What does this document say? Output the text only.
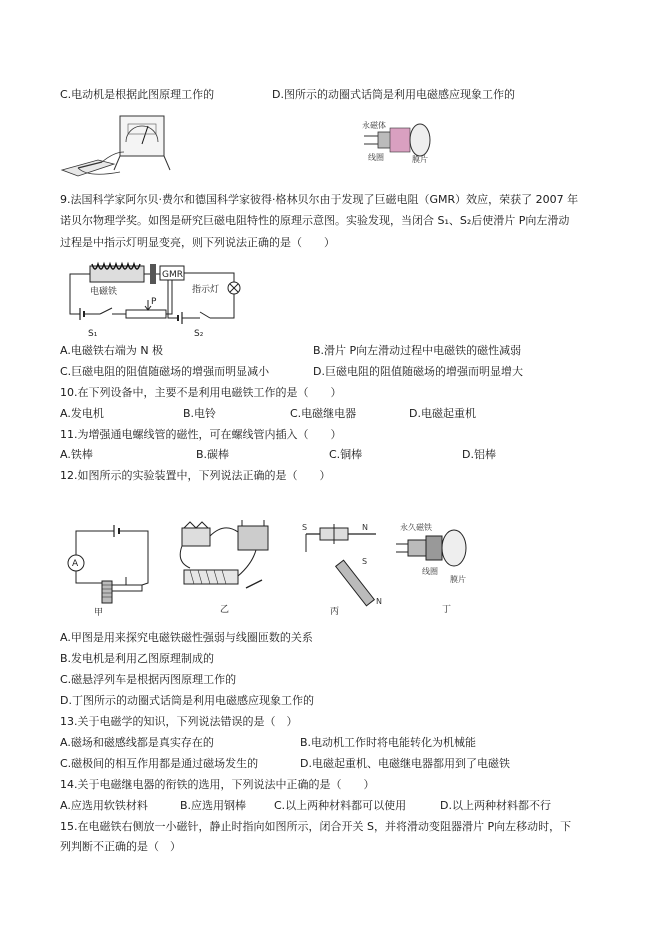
C.电动机是根据此图原理工作的	D.图所示的动圈式话筒是利用电磁感应现象工作的
永磁体
线圈	膜片
9.法国科学家阿尔贝·费尔和德国科学家彼得·格林贝尔由于发现了巨磁电阻（GMR）效应，荣获了 2007 年
诺贝尔物理学奖。如图是研究巨磁电阻特性的原理示意图。实验发现，当闭合 S₁、S₂后使滑片 P向左滑动
过程是中指示灯明显变亮，则下列说法正确的是（　　）
电磁铁
P
S₁
GMR
指示灯
S₂
A.电磁铁右端为 N 极	B.滑片 P向左滑动过程中电磁铁的磁性减弱
C.巨磁电阻的阻值随磁场的增强而明显减小	D.巨磁电阻的阻值随磁场的增强而明显增大
10.在下列设备中，主要不是利用电磁铁工作的是（　　）
A.发电机	B.电铃	C.电磁继电器	D.电磁起重机
11.为增强通电螺线管的磁性，可在螺线管内插入（　　）
A.铁棒	B.碳棒	C.铜棒	D.铝棒
12.如图所示的实验装置中，下列说法正确的是（　　）
A
甲	乙
S	N
S
N
丙
永久磁铁
线圈
膜片
丁
A.甲图是用来探究电磁铁磁性强弱与线圈匝数的关系
B.发电机是利用乙图原理制成的
C.磁悬浮列车是根据丙图原理工作的
D.丁图所示的动圈式话筒是利用电磁感应现象工作的
13.关于电磁学的知识，下列说法错误的是（　）
A.磁场和磁感线都是真实存在的	B.电动机工作时将电能转化为机械能
C.磁极间的相互作用都是通过磁场发生的	D.电磁起重机、电磁继电器都用到了电磁铁
14.关于电磁继电器的衔铁的选用，下列说法中正确的是（　　）
A.应选用软铁材料	B.应选用钢棒	C.以上两种材料都可以使用	D.以上两种材料都不行
15.在电磁铁右侧放一小磁针，静止时指向如图所示，闭合开关 S，并将滑动变阻器滑片 P向左移动时，下
列判断不正确的是（　）
